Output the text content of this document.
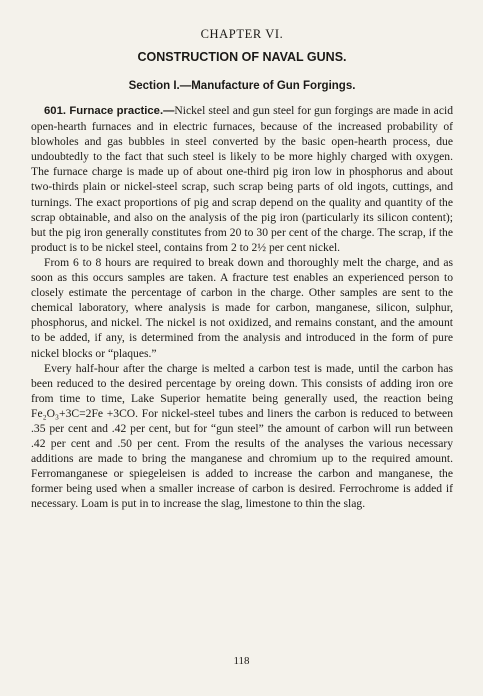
CHAPTER VI.
CONSTRUCTION OF NAVAL GUNS.
Section I.—Manufacture of Gun Forgings.

601. Furnace practice.—Nickel steel and gun steel for gun forgings are made in acid open-hearth furnaces and in electric furnaces, because of the increased probability of blowholes and gas bubbles in steel converted by the basic open-hearth process, due undoubtedly to the fact that such steel is likely to be more highly charged with oxygen. The furnace charge is made up of about one-third pig iron low in phosphorus and about two-thirds plain or nickel-steel scrap, such scrap being parts of old ingots, cuttings, and turnings. The exact proportions of pig and scrap depend on the quality and quantity of the scrap obtainable, and also on the analysis of the pig iron (particularly its silicon content); but the pig iron generally constitutes from 20 to 30 per cent of the charge. The scrap, if the product is to be nickel steel, contains from 2 to 2½ per cent nickel.

From 6 to 8 hours are required to break down and thoroughly melt the charge, and as soon as this occurs samples are taken. A fracture test enables an experienced person to closely estimate the percentage of carbon in the charge. Other samples are sent to the chemical laboratory, where analysis is made for carbon, manganese, silicon, sulphur, phosphorus, and nickel. The nickel is not oxidized, and remains constant, and the amount to be added, if any, is determined from the analysis and introduced in the form of pure nickel blocks or “plaques.”

Every half-hour after the charge is melted a carbon test is made, until the carbon has been reduced to the desired percentage by oreing down. This consists of adding iron ore from time to time, Lake Superior hematite being generally used, the reaction being Fe₂O₃+3C=2Fe +3CO. For nickel-steel tubes and liners the carbon is reduced to between .35 per cent and .42 per cent, but for “gun steel” the amount of carbon will run between .42 per cent and .50 per cent. From the results of the analyses the various necessary additions are made to bring the manganese and chromium up to the required amount. Ferromanganese or spiegeleisen is added to increase the carbon and manganese, the former being used when a smaller increase of carbon is desired. Ferrochrome is added if necessary. Loam is put in to increase the slag, limestone to thin the slag.

118
